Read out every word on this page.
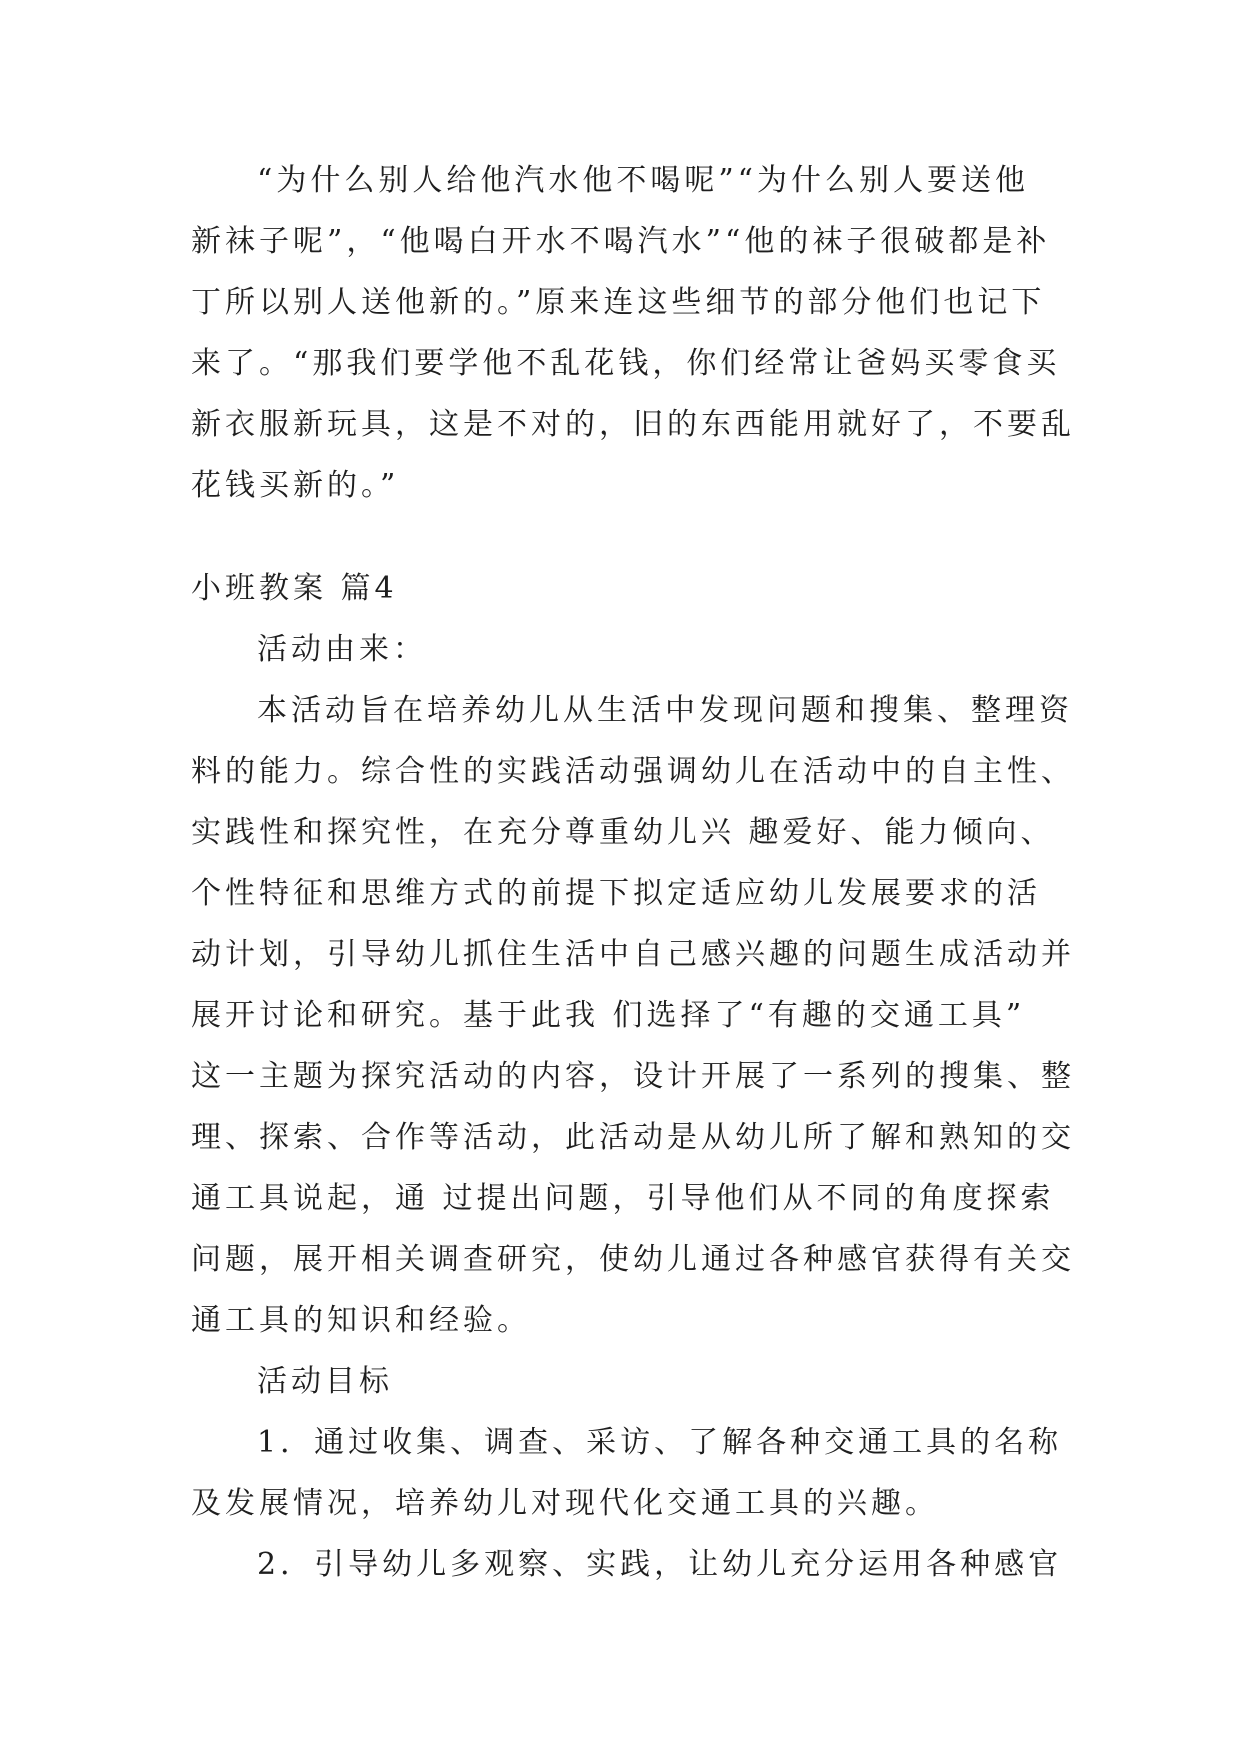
“为什么别人给他汽水他不喝呢”“为什么别人要送他
新袜子呢”，“他喝白开水不喝汽水”“他的袜子很破都是补
丁所以别人送他新的。”原来连这些细节的部分他们也记下
来了。“那我们要学他不乱花钱，你们经常让爸妈买零食买
新衣服新玩具，这是不对的，旧的东西能用就好了，不要乱
花钱买新的。”
小班教案 篇4
活动由来：
本活动旨在培养幼儿从生活中发现问题和搜集、整理资
料的能力。综合性的实践活动强调幼儿在活动中的自主性、
实践性和探究性，在充分尊重幼儿兴 趣爱好、能力倾向、
个性特征和思维方式的前提下拟定适应幼儿发展要求的活
动计划，引导幼儿抓住生活中自己感兴趣的问题生成活动并
展开讨论和研究。基于此我 们选择了“有趣的交通工具”
这一主题为探究活动的内容，设计开展了一系列的搜集、整
理、探索、合作等活动，此活动是从幼儿所了解和熟知的交
通工具说起，通 过提出问题，引导他们从不同的角度探索
问题，展开相关调查研究，使幼儿通过各种感官获得有关交
通工具的知识和经验。
活动目标
1．通过收集、调查、采访、了解各种交通工具的名称
及发展情况，培养幼儿对现代化交通工具的兴趣。
2．引导幼儿多观察、实践，让幼儿充分运用各种感官
